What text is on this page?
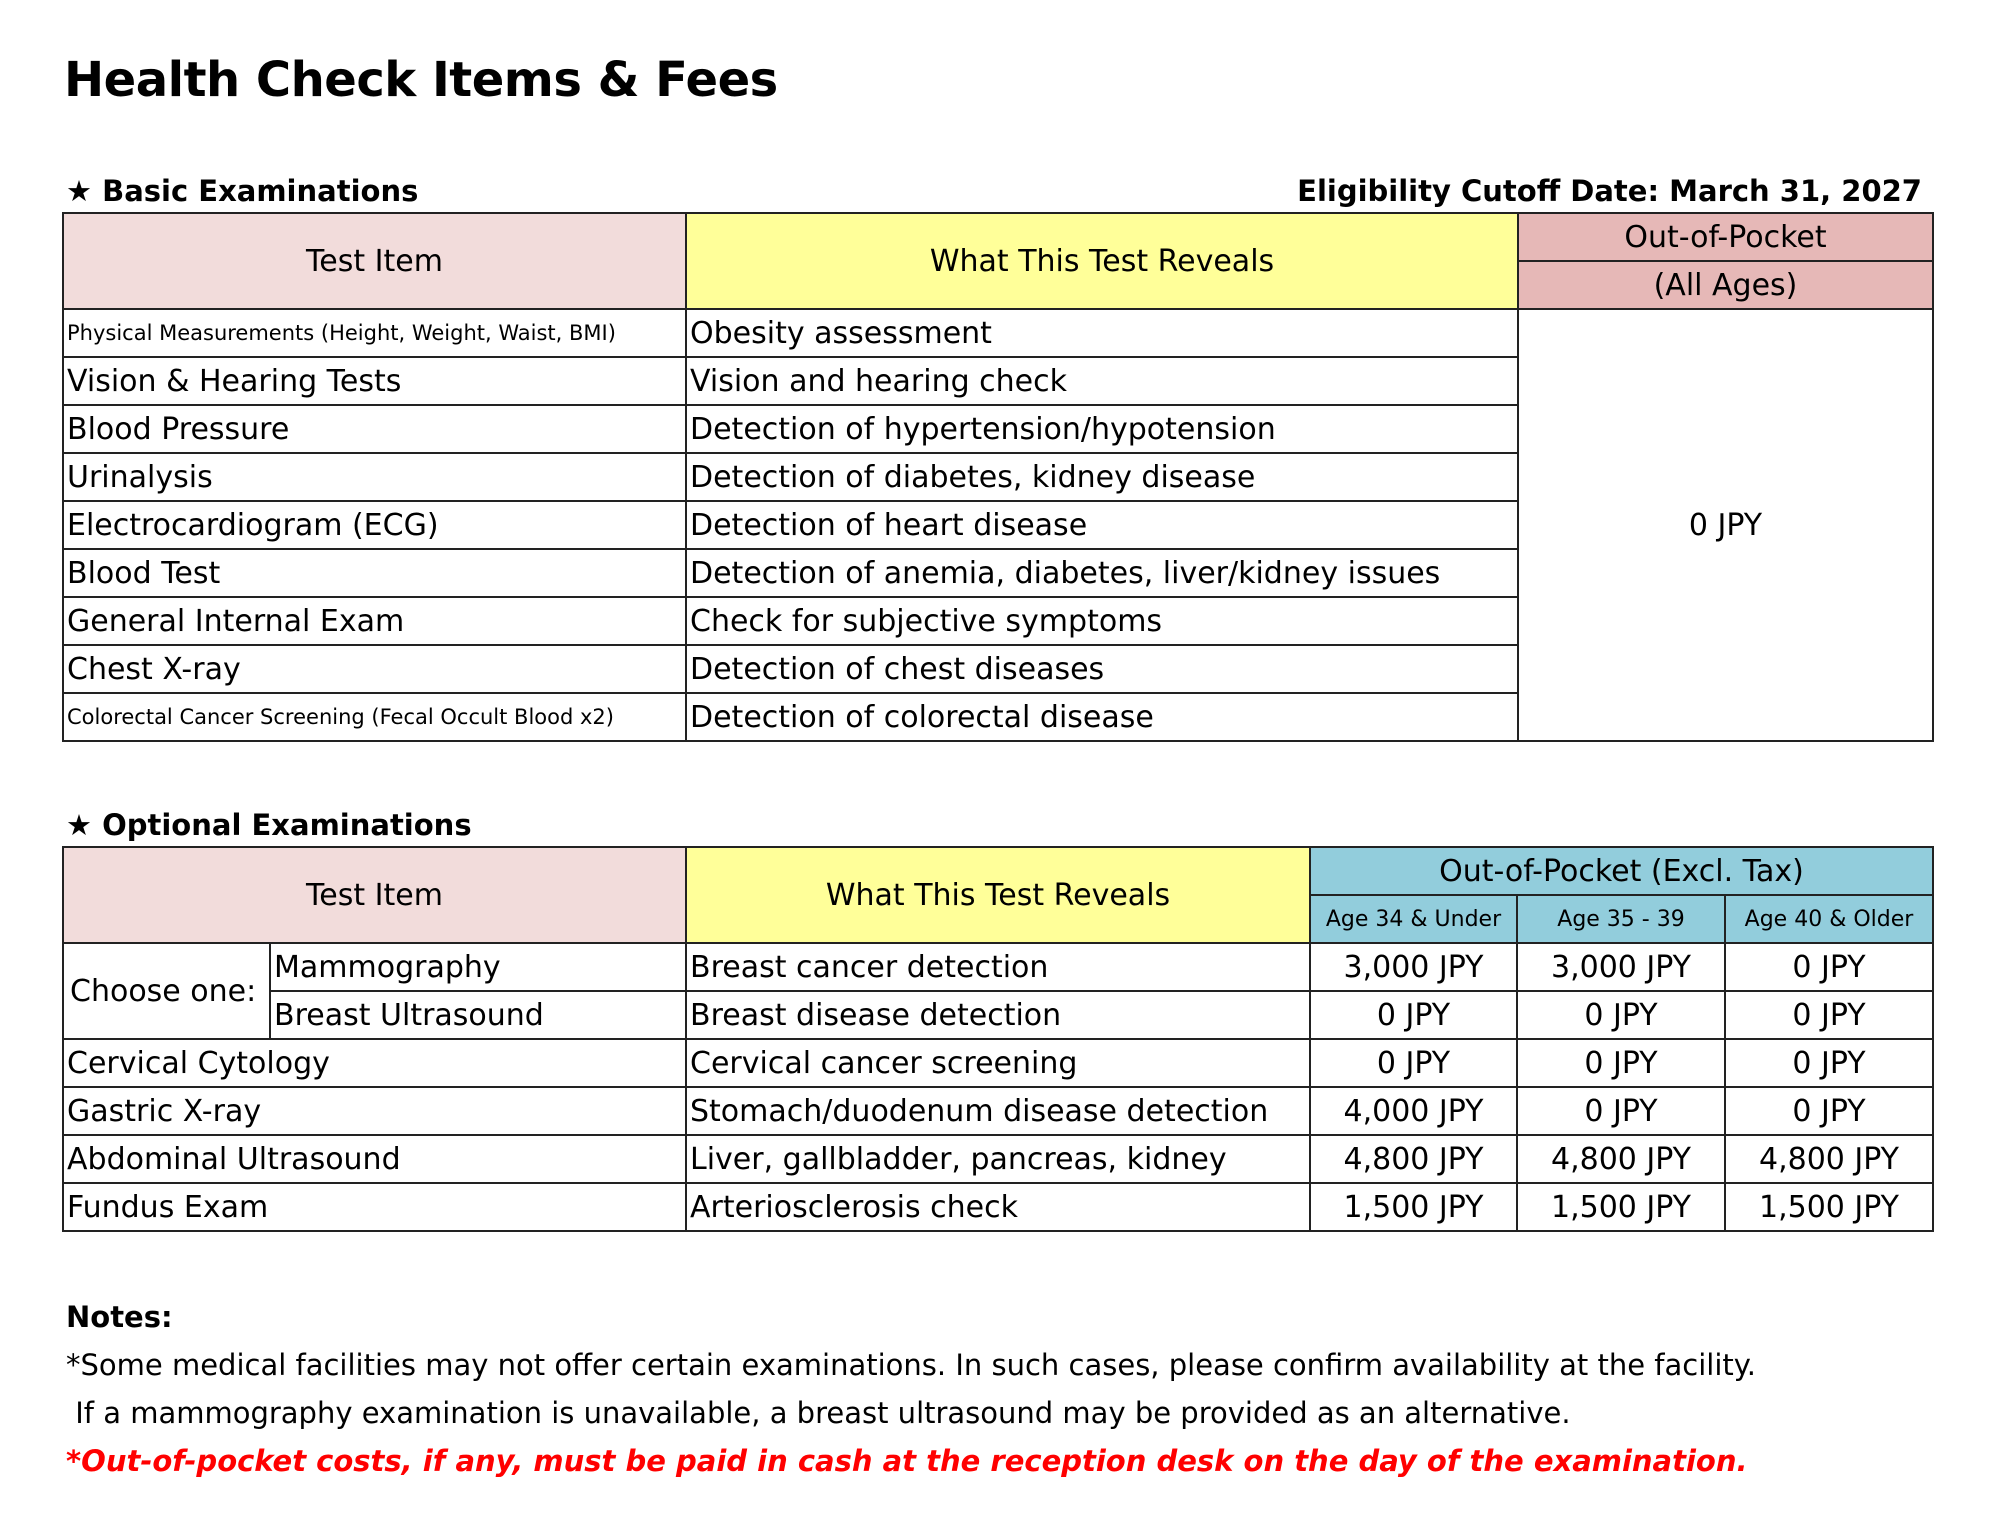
Health Check Items & Fees
★ Basic Examinations	Eligibility Cutoff Date: March 31, 2027
Test Item	What This Test Reveals	Out-of-Pocket
		(All Ages)
Physical Measurements (Height, Weight, Waist, BMI)	Obesity assessment	0 JPY
Vision & Hearing Tests	Vision and hearing check	
Blood Pressure	Detection of hypertension/hypotension	
Urinalysis	Detection of diabetes, kidney disease	
Electrocardiogram (ECG)	Detection of heart disease	
Blood Test	Detection of anemia, diabetes, liver/kidney issues	
General Internal Exam	Check for subjective symptoms	
Chest X-ray	Detection of chest diseases	
Colorectal Cancer Screening (Fecal Occult Blood x2)	Detection of colorectal disease	
★ Optional Examinations
Test Item		What This Test Reveals	Out-of-Pocket (Excl. Tax)		
			Age 34 & Under	Age 35 - 39	Age 40 & Older
Choose one:	Mammography	Breast cancer detection	3,000 JPY	3,000 JPY	0 JPY
	Breast Ultrasound	Breast disease detection	0 JPY	0 JPY	0 JPY
Cervical Cytology		Cervical cancer screening	0 JPY	0 JPY	0 JPY
Gastric X-ray		Stomach/duodenum disease detection	4,000 JPY	0 JPY	0 JPY
Abdominal Ultrasound		Liver, gallbladder, pancreas, kidney	4,800 JPY	4,800 JPY	4,800 JPY
Fundus Exam		Arteriosclerosis check	1,500 JPY	1,500 JPY	1,500 JPY
Notes:
*Some medical facilities may not offer certain examinations. In such cases, please confirm availability at the facility.
If a mammography examination is unavailable, a breast ultrasound may be provided as an alternative.
*Out-of-pocket costs, if any, must be paid in cash at the reception desk on the day of the examination.
